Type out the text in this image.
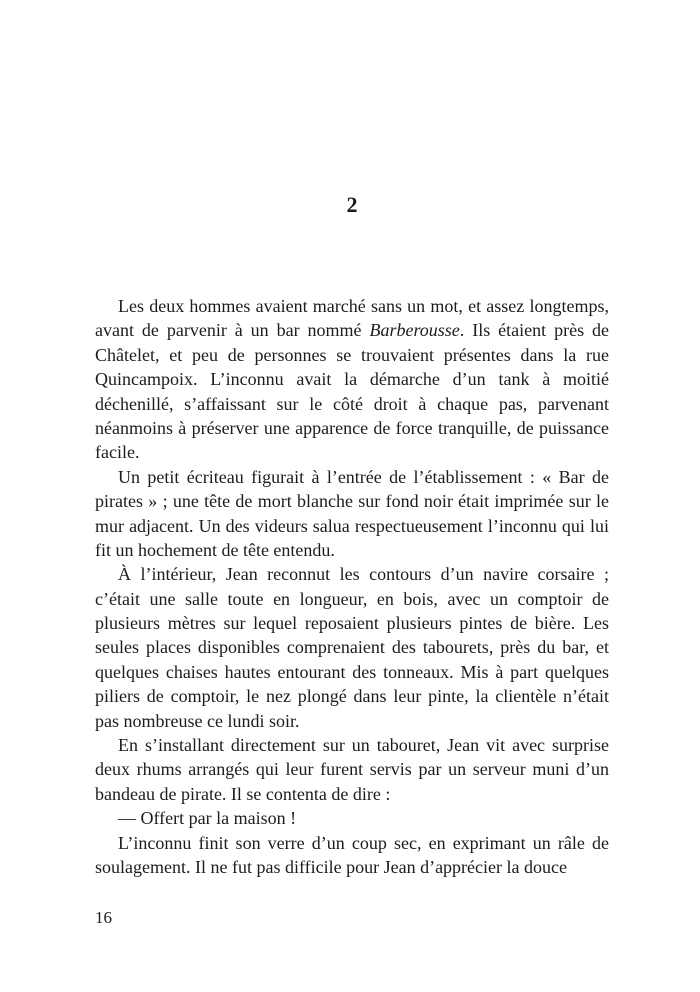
2
Les deux hommes avaient marché sans un mot, et assez longtemps,
avant de parvenir à un bar nommé Barberousse. Ils étaient près de
Châtelet, et peu de personnes se trouvaient présentes dans la rue
Quincampoix. L’inconnu avait la démarche d’un tank à moitié
déchenillé, s’affaissant sur le côté droit à chaque pas, parvenant
néanmoins à préserver une apparence de force tranquille, de puissance
facile.
Un petit écriteau figurait à l’entrée de l’établissement : « Bar de
pirates » ; une tête de mort blanche sur fond noir était imprimée sur le
mur adjacent. Un des videurs salua respectueusement l’inconnu qui lui
fit un hochement de tête entendu.
À l’intérieur, Jean reconnut les contours d’un navire corsaire ;
c’était une salle toute en longueur, en bois, avec un comptoir de
plusieurs mètres sur lequel reposaient plusieurs pintes de bière. Les
seules places disponibles comprenaient des tabourets, près du bar, et
quelques chaises hautes entourant des tonneaux. Mis à part quelques
piliers de comptoir, le nez plongé dans leur pinte, la clientèle n’était
pas nombreuse ce lundi soir.
En s’installant directement sur un tabouret, Jean vit avec surprise
deux rhums arrangés qui leur furent servis par un serveur muni d’un
bandeau de pirate. Il se contenta de dire :
— Offert par la maison !
L’inconnu finit son verre d’un coup sec, en exprimant un râle de
soulagement. Il ne fut pas difficile pour Jean d’apprécier la douce
16
